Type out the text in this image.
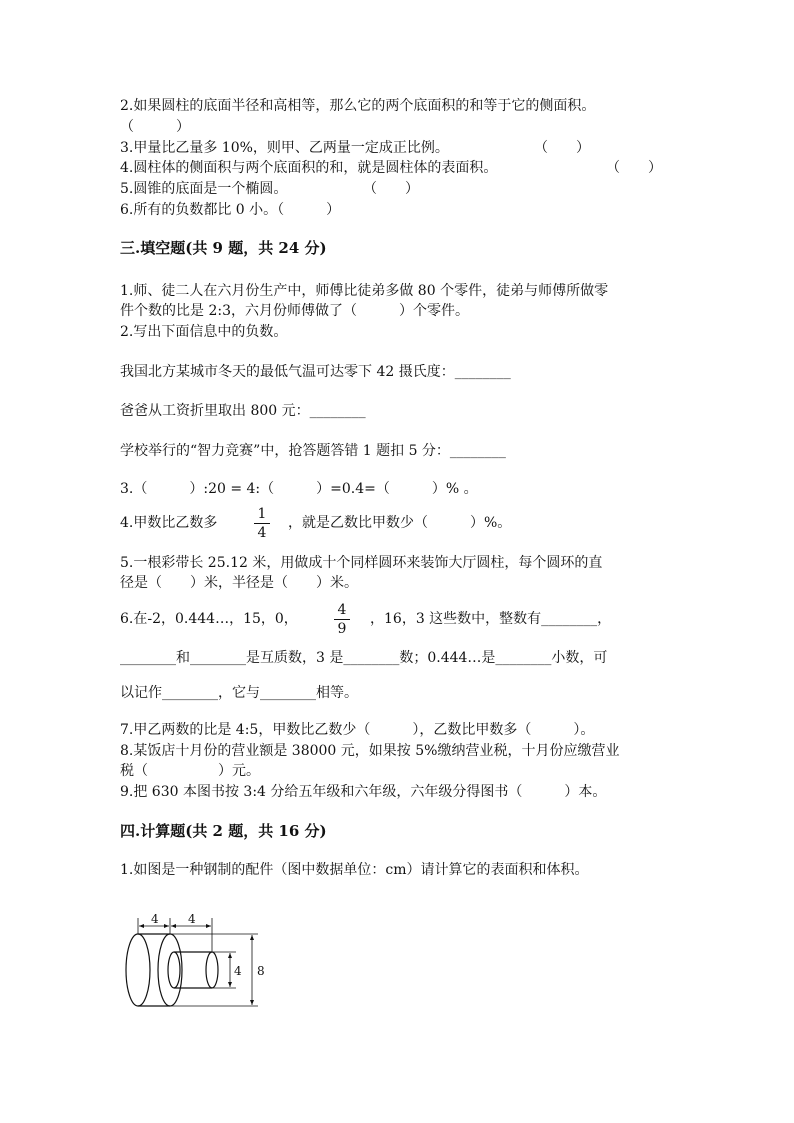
2.如果圆柱的底面半径和高相等，那么它的两个底面积的和等于它的侧面积。
（　　　）
3.甲量比乙量多 10%，则甲、乙两量一定成正比例。	（　　）
4.圆柱体的侧面积与两个底面积的和，就是圆柱体的表面积。	（　　）
5.圆锥的底面是一个椭圆。	（　　）
6.所有的负数都比 0 小。（　　　）
三.填空题(共 9 题，共 24 分)
1.师、徒二人在六月份生产中，师傅比徒弟多做 80 个零件，徒弟与师傅所做零
件个数的比是 2:3，六月份师傅做了（　　　）个零件。
2.写出下面信息中的负数。
我国北方某城市冬天的最低气温可达零下 42 摄氏度：________
爸爸从工资折里取出 800 元：________
学校举行的“智力竞赛”中，抢答题答错 1 题扣 5 分：________
3.（　　　）:20 = 4:（　　　）=0.4=（　　　）% 。
4.甲数比乙数多
1
4
，就是乙数比甲数少（　　　）%。
5.一根彩带长 25.12 米，用做成十个同样圆环来装饰大厅圆柱，每个圆环的直
径是（　　）米，半径是（　　）米。
6.在-2，0.444…，15，0，
4
9
，16，3 这些数中，整数有________，
________和________是互质数，3 是________数；0.444…是________小数，可
以记作________，它与________相等。
7.甲乙两数的比是 4:5，甲数比乙数少（　　　），乙数比甲数多（　　　）。
8.某饭店十月份的营业额是 38000 元，如果按 5%缴纳营业税，十月份应缴营业
税（　　　　　）元。
9.把 630 本图书按 3:4 分给五年级和六年级，六年级分得图书（　　　）本。
四.计算题(共 2 题，共 16 分)
1.如图是一种钢制的配件（图中数据单位：cm）请计算它的表面积和体积。
4 4
4 8
